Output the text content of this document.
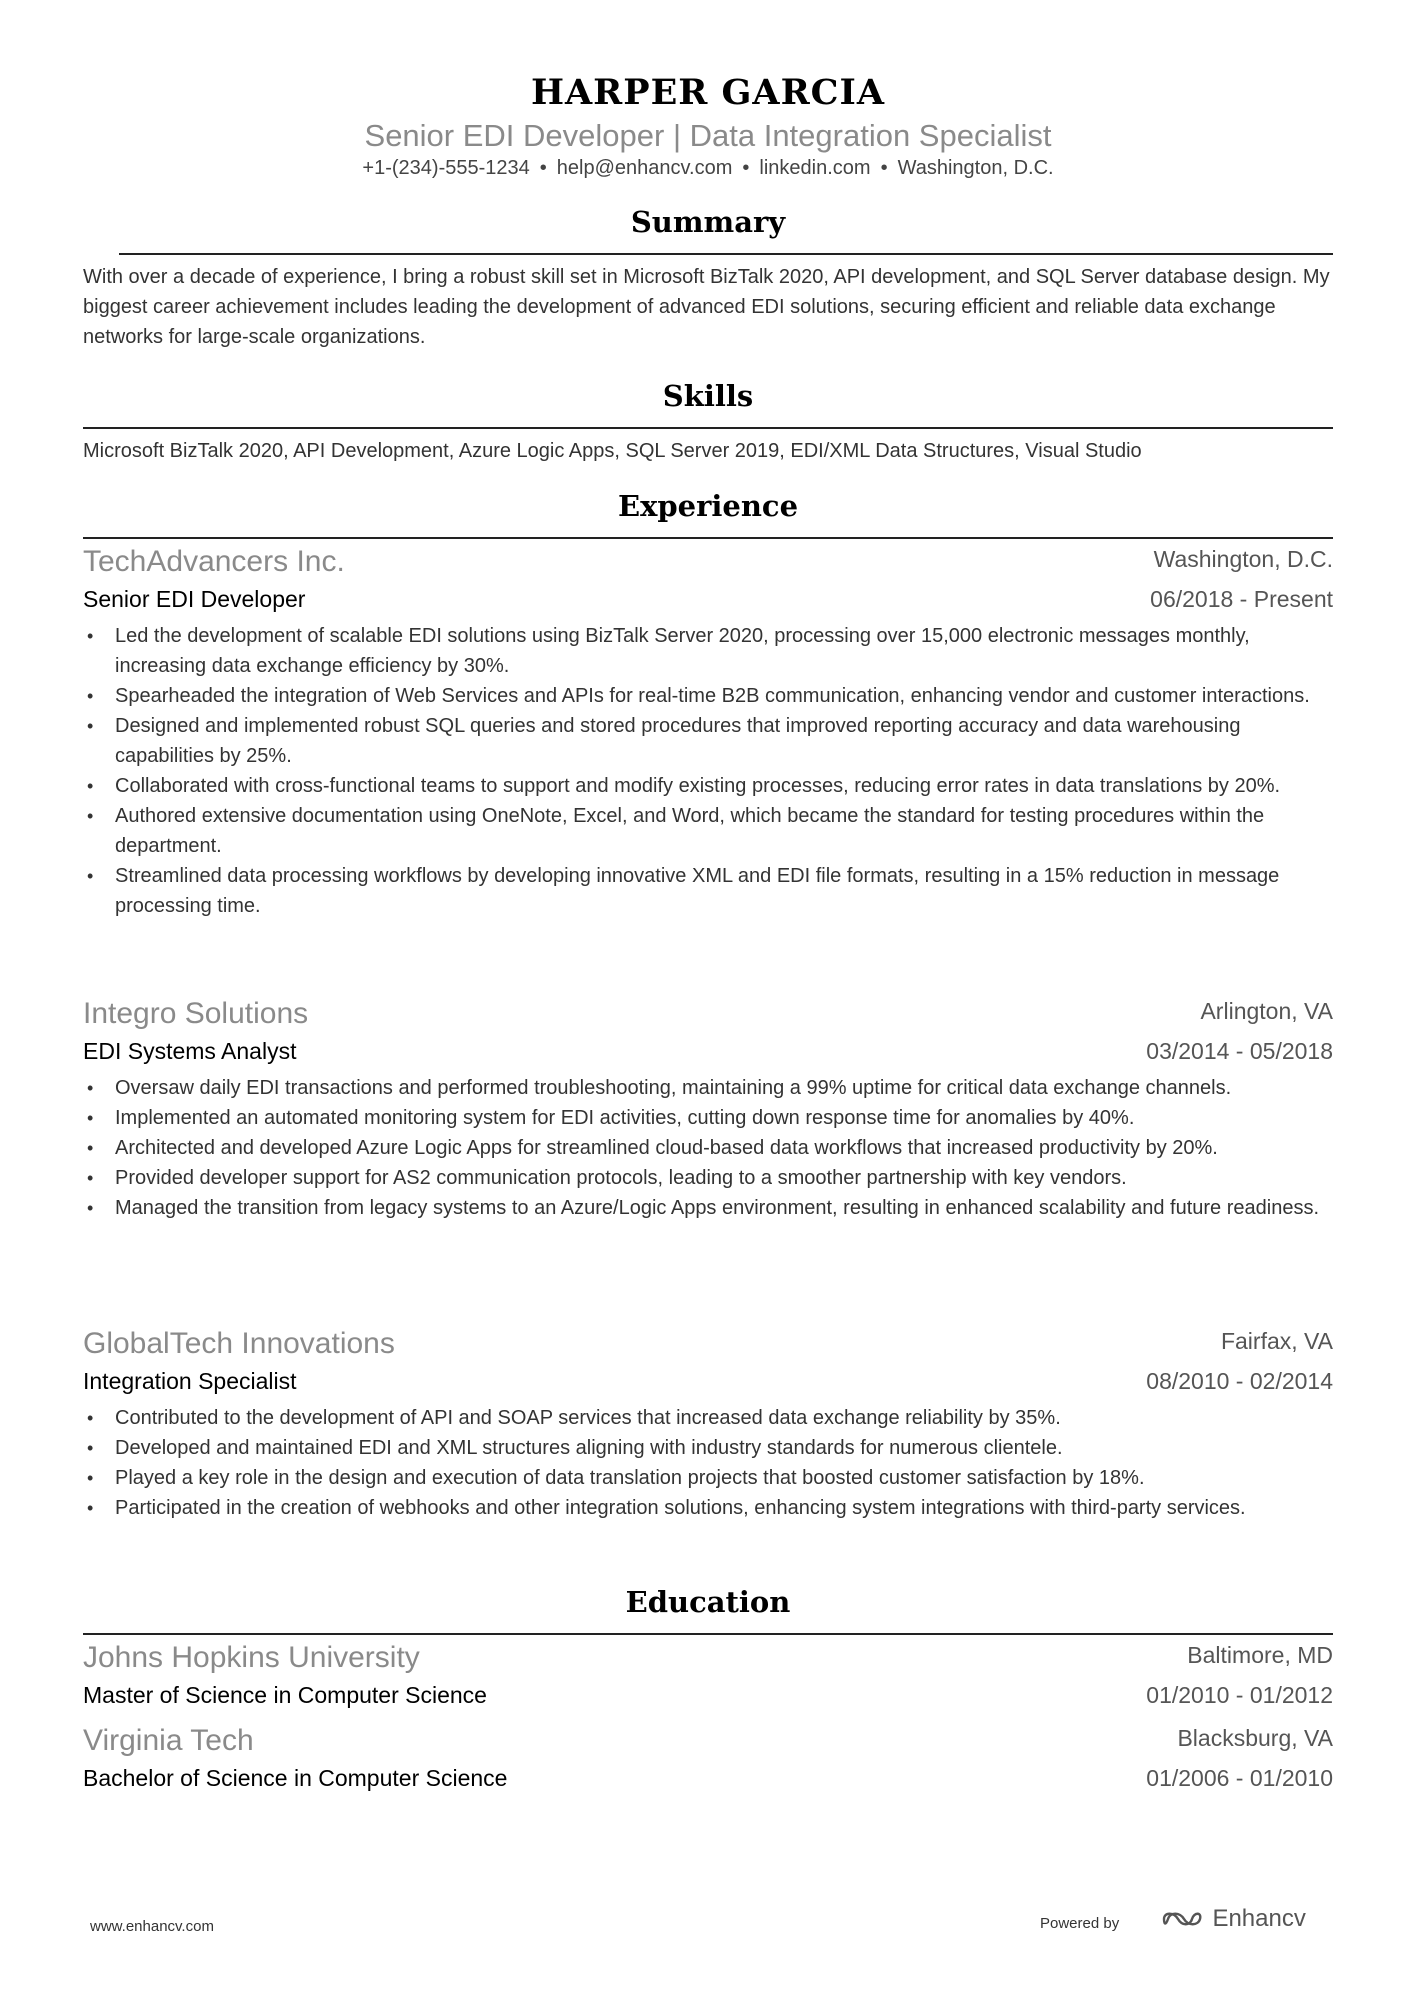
HARPER GARCIA
Senior EDI Developer | Data Integration Specialist
+1-(234)-555-1234 • help@enhancv.com • linkedin.com • Washington, D.C.
Summary
With over a decade of experience, I bring a robust skill set in Microsoft BizTalk 2020, API development, and SQL Server database design. My biggest career achievement includes leading the development of advanced EDI solutions, securing efficient and reliable data exchange networks for large-scale organizations.
Skills
Microsoft BizTalk 2020, API Development, Azure Logic Apps, SQL Server 2019, EDI/XML Data Structures, Visual Studio
Experience
TechAdvancers Inc.	Washington, D.C.
Senior EDI Developer	06/2018 - Present
• Led the development of scalable EDI solutions using BizTalk Server 2020, processing over 15,000 electronic messages monthly, increasing data exchange efficiency by 30%.
• Spearheaded the integration of Web Services and APIs for real-time B2B communication, enhancing vendor and customer interactions.
• Designed and implemented robust SQL queries and stored procedures that improved reporting accuracy and data warehousing capabilities by 25%.
• Collaborated with cross-functional teams to support and modify existing processes, reducing error rates in data translations by 20%.
• Authored extensive documentation using OneNote, Excel, and Word, which became the standard for testing procedures within the department.
• Streamlined data processing workflows by developing innovative XML and EDI file formats, resulting in a 15% reduction in message processing time.
Integro Solutions	Arlington, VA
EDI Systems Analyst	03/2014 - 05/2018
• Oversaw daily EDI transactions and performed troubleshooting, maintaining a 99% uptime for critical data exchange channels.
• Implemented an automated monitoring system for EDI activities, cutting down response time for anomalies by 40%.
• Architected and developed Azure Logic Apps for streamlined cloud-based data workflows that increased productivity by 20%.
• Provided developer support for AS2 communication protocols, leading to a smoother partnership with key vendors.
• Managed the transition from legacy systems to an Azure/Logic Apps environment, resulting in enhanced scalability and future readiness.
GlobalTech Innovations	Fairfax, VA
Integration Specialist	08/2010 - 02/2014
• Contributed to the development of API and SOAP services that increased data exchange reliability by 35%.
• Developed and maintained EDI and XML structures aligning with industry standards for numerous clientele.
• Played a key role in the design and execution of data translation projects that boosted customer satisfaction by 18%.
• Participated in the creation of webhooks and other integration solutions, enhancing system integrations with third-party services.
Education
Johns Hopkins University	Baltimore, MD
Master of Science in Computer Science	01/2010 - 01/2012
Virginia Tech	Blacksburg, VA
Bachelor of Science in Computer Science	01/2006 - 01/2010
www.enhancv.com	Powered by	Enhancv
